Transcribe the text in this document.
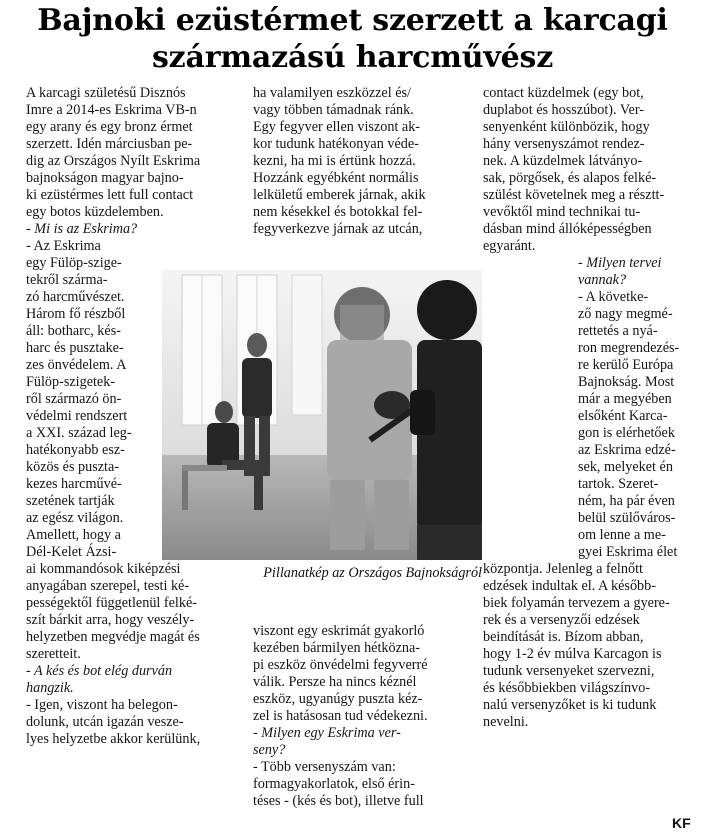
Bajnoki ezüstérmet szerzett a karcagi
származású harcművész
A karcagi születésű Disznós
Imre a 2014-es Eskrima VB-n
egy arany és egy bronz érmet
szerzett. Idén márciusban pe-
dig az Országos Nyílt Eskrima
bajnokságon magyar bajno-
ki ezüstérmes lett full contact
egy botos küzdelemben.
- Mi is az Eskrima?
- Az Eskrima
egy Fülöp-szige-
tekről szárma-
zó harcművészet.
Három fő részből
áll: botharc, kés-
harc és pusztake-
zes önvédelem. A
Fülöp-szigetek-
ről származó ön-
védelmi rendszert
a XXI. század leg-
hatékonyabb esz-
közös és puszta-
kezes harcművé-
szetének tartják
az egész világon.
Amellett, hogy a
Dél-Kelet Ázsi-
ai kommandósok kiképzési
anyagában szerepel, testi ké-
pességektől függetlenül felké-
szít bárkit arra, hogy veszély-
helyzetben megvédje magát és
szeretteit.
- A kés és bot elég durván
hangzik.
- Igen, viszont ha belegon-
dolunk, utcán igazán vesze-
lyes helyzetbe akkor kerülünk,
ha valamilyen eszközzel és/
vagy többen támadnak ránk.
Egy fegyver ellen viszont ak-
kor tudunk hatékonyan véde-
kezni, ha mi is értünk hozzá.
Hozzánk egyébként normális
lelkületű emberek járnak, akik
nem késekkel és botokkal fel-
fegyverkezve járnak az utcán,
viszont egy eskrimát gyakorló
kezében bármilyen hétközna-
pi eszköz önvédelmi fegyverré
válik. Persze ha nincs kéznél
eszköz, ugyanúgy puszta kéz-
zel is hatásosan tud védekezni.
- Milyen egy Eskrima ver-
seny?
- Több versenyszám van:
formagyakorlatok, első érin-
téses - (kés és bot), illetve full
contact küzdelmek (egy bot,
duplabot és hosszúbot). Ver-
senyenként különbözik, hogy
hány versenyszámot rendez-
nek. A küzdelmek látványo-
sak, pörgősek, és alapos felké-
szülést követelnek meg a résztt-
vevőktől mind technikai tu-
dásban mind állóképességben
egyaránt.
- Milyen tervei
vannak?
- A követke-
ző nagy megmé-
rettetés a nyá-
ron megrendezés-
re kerülő Európa
Bajnokság. Most
már a megyében
elsőként Karca-
gon is elérhetőek
az Eskrima edzé-
sek, melyeket én
tartok. Szeret-
ném, ha pár éven
belül szülőváros-
om lenne a me-
gyei Eskrima élet
központja. Jelenleg a felnőtt
edzések indultak el. A később-
biek folyamán tervezem a gyere-
rek és a versenyzői edzések
beindítását is. Bízom abban,
hogy 1-2 év múlva Karcagon is
tudunk versenyeket szervezni,
és későbbiekben világszínvo-
nalú versenyzőket is ki tudunk
nevelni.
Pillanatkép az Országos Bajnokságról
KF
